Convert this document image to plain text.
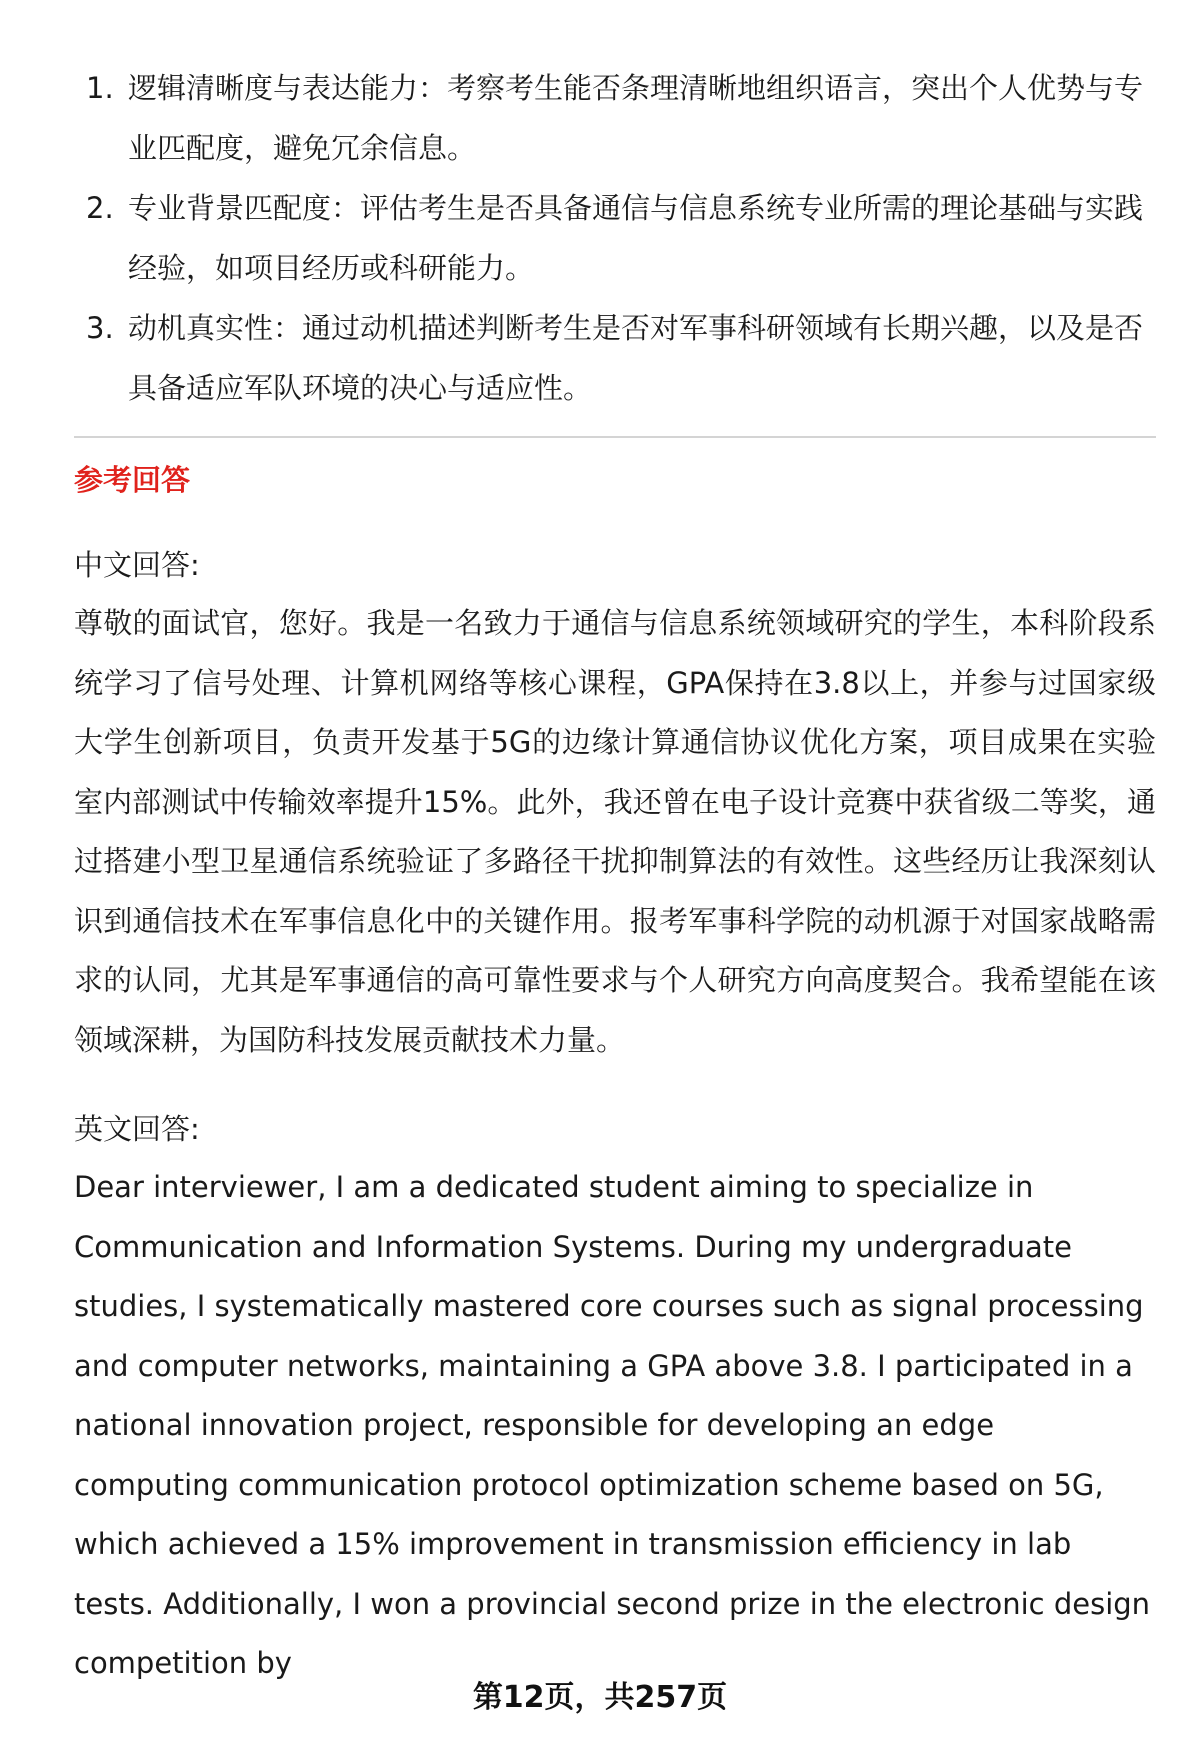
1. 逻辑清晰度与表达能力：考察考生能否条理清晰地组织语言，突出个人优势与专业匹配度，避免冗余信息。
2. 专业背景匹配度：评估考生是否具备通信与信息系统专业所需的理论基础与实践经验，如项目经历或科研能力。
3. 动机真实性：通过动机描述判断考生是否对军事科研领域有长期兴趣，以及是否具备适应军队环境的决心与适应性。
参考回答
中文回答:
尊敬的面试官，您好。我是一名致力于通信与信息系统领域研究的学生，本科阶段系统学习了信号处理、计算机网络等核心课程，GPA保持在3.8以上，并参与过国家级大学生创新项目，负责开发基于5G的边缘计算通信协议优化方案，项目成果在实验室内部测试中传输效率提升15%。此外，我还曾在电子设计竞赛中获省级二等奖，通过搭建小型卫星通信系统验证了多路径干扰抑制算法的有效性。这些经历让我深刻认识到通信技术在军事信息化中的关键作用。报考军事科学院的动机源于对国家战略需求的认同，尤其是军事通信的高可靠性要求与个人研究方向高度契合。我希望能在该领域深耕，为国防科技发展贡献技术力量。
英文回答:
Dear interviewer, I am a dedicated student aiming to specialize in Communication and Information Systems. During my undergraduate studies, I systematically mastered core courses such as signal processing and computer networks, maintaining a GPA above 3.8. I participated in a national innovation project, responsible for developing an edge computing communication protocol optimization scheme based on 5G, which achieved a 15% improvement in transmission efficiency in lab tests. Additionally, I won a provincial second prize in the electronic design competition by
第12页，共257页
